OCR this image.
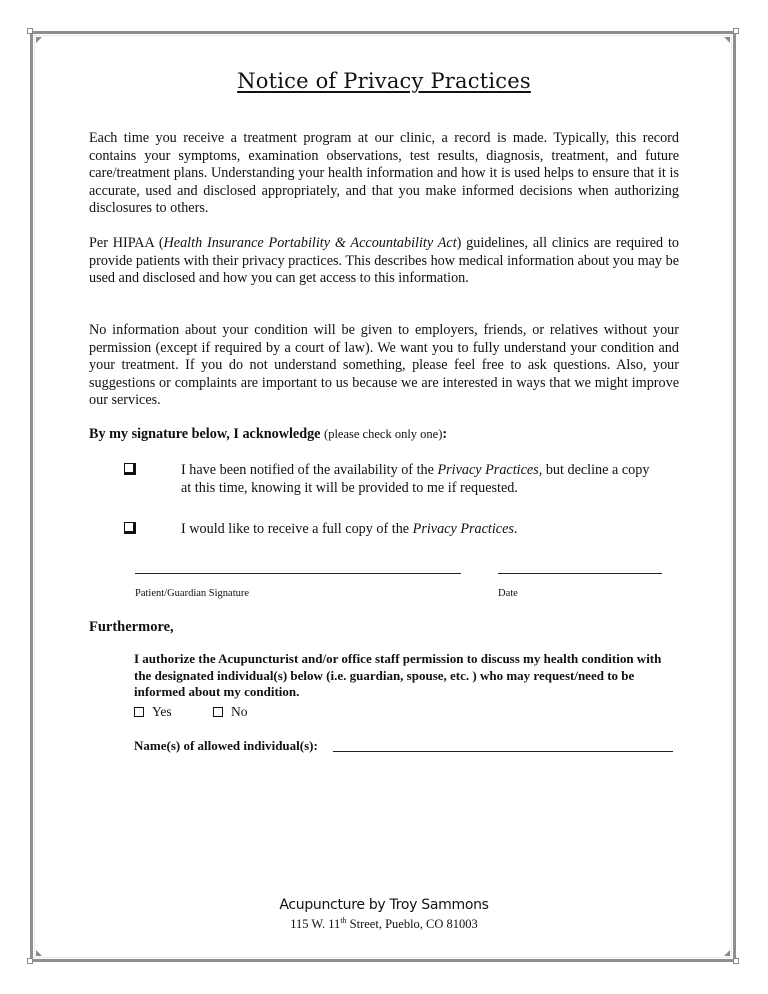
Notice of Privacy Practices

Each time you receive a treatment program at our clinic, a record is made. Typically, this record contains your symptoms, examination observations, test results, diagnosis, treatment, and future care/treatment plans. Understanding your health information and how it is used helps to ensure that it is accurate, used and disclosed appropriately, and that you make informed decisions when authorizing disclosures to others.

Per HIPAA (Health Insurance Portability & Accountability Act) guidelines, all clinics are required to provide patients with their privacy practices. This describes how medical information about you may be used and disclosed and how you can get access to this information.

No information about your condition will be given to employers, friends, or relatives without your permission (except if required by a court of law). We want you to fully understand your condition and your treatment. If you do not understand something, please feel free to ask questions. Also, your suggestions or complaints are important to us because we are interested in ways that we might improve our services.

By my signature below, I acknowledge (please check only one):
I have been notified of the availability of the Privacy Practices, but decline a copy at this time, knowing it will be provided to me if requested.
I would like to receive a full copy of the Privacy Practices.
Patient/Guardian Signature	Date
Furthermore,
I authorize the Acupuncturist and/or office staff permission to discuss my health condition with the designated individual(s) below (i.e. guardian, spouse, etc. ) who may request/need to be informed about my condition.
Yes	No
Name(s) of allowed individual(s):
Acupuncture by Troy Sammons
115 W. 11th Street, Pueblo, CO 81003
